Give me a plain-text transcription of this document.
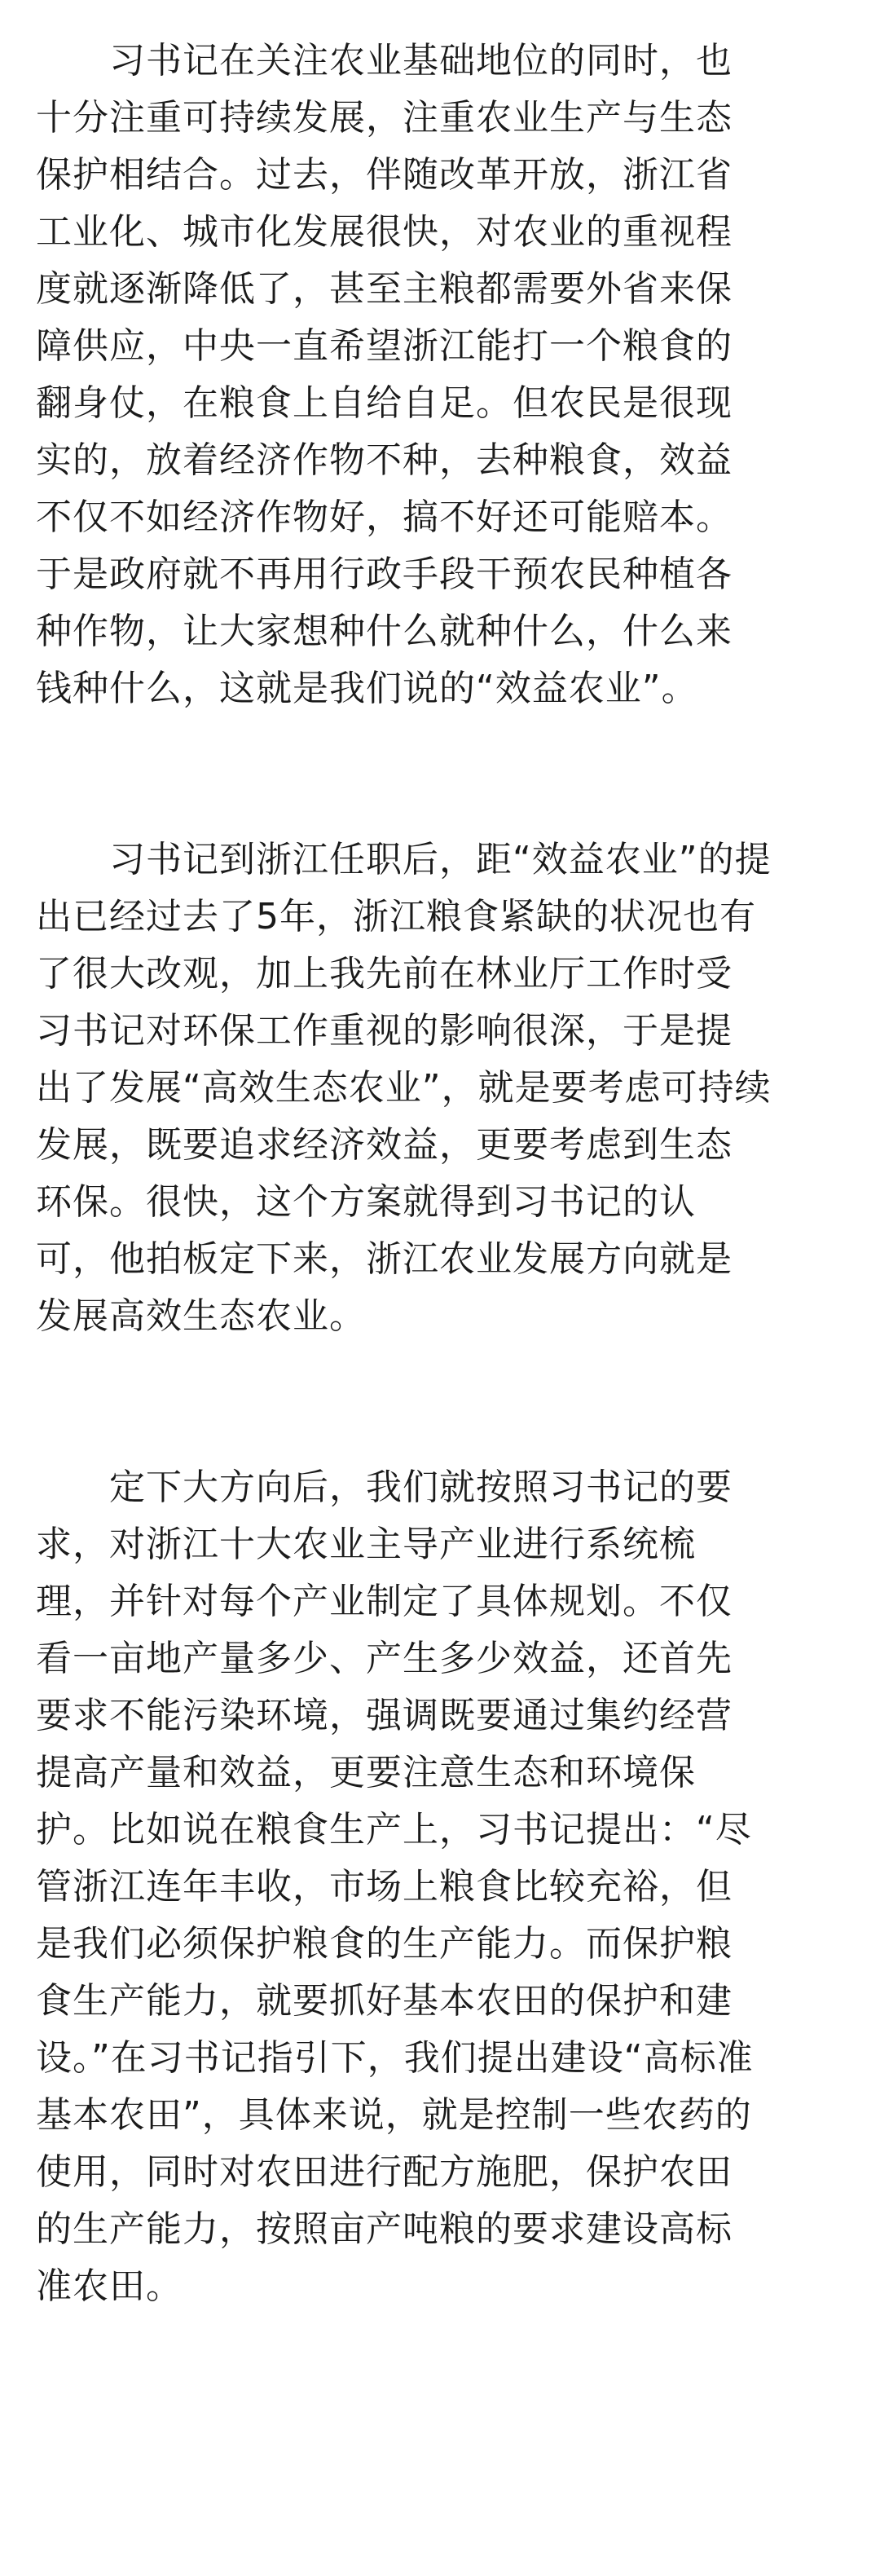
　　习书记在关注农业基础地位的同时，也
十分注重可持续发展，注重农业生产与生态
保护相结合。过去，伴随改革开放，浙江省
工业化、城市化发展很快，对农业的重视程
度就逐渐降低了，甚至主粮都需要外省来保
障供应，中央一直希望浙江能打一个粮食的
翻身仗，在粮食上自给自足。但农民是很现
实的，放着经济作物不种，去种粮食，效益
不仅不如经济作物好，搞不好还可能赔本。
于是政府就不再用行政手段干预农民种植各
种作物，让大家想种什么就种什么，什么来
钱种什么，这就是我们说的“效益农业”。
　　习书记到浙江任职后，距“效益农业”的提
出已经过去了5年，浙江粮食紧缺的状况也有
了很大改观，加上我先前在林业厅工作时受
习书记对环保工作重视的影响很深，于是提
出了发展“高效生态农业”，就是要考虑可持续
发展，既要追求经济效益，更要考虑到生态
环保。很快，这个方案就得到习书记的认
可，他拍板定下来，浙江农业发展方向就是
发展高效生态农业。
　　定下大方向后，我们就按照习书记的要
求，对浙江十大农业主导产业进行系统梳
理，并针对每个产业制定了具体规划。不仅
看一亩地产量多少、产生多少效益，还首先
要求不能污染环境，强调既要通过集约经营
提高产量和效益，更要注意生态和环境保
护。比如说在粮食生产上，习书记提出：“尽
管浙江连年丰收，市场上粮食比较充裕，但
是我们必须保护粮食的生产能力。而保护粮
食生产能力，就要抓好基本农田的保护和建
设。”在习书记指引下，我们提出建设“高标准
基本农田”，具体来说，就是控制一些农药的
使用，同时对农田进行配方施肥，保护农田
的生产能力，按照亩产吨粮的要求建设高标
准农田。
